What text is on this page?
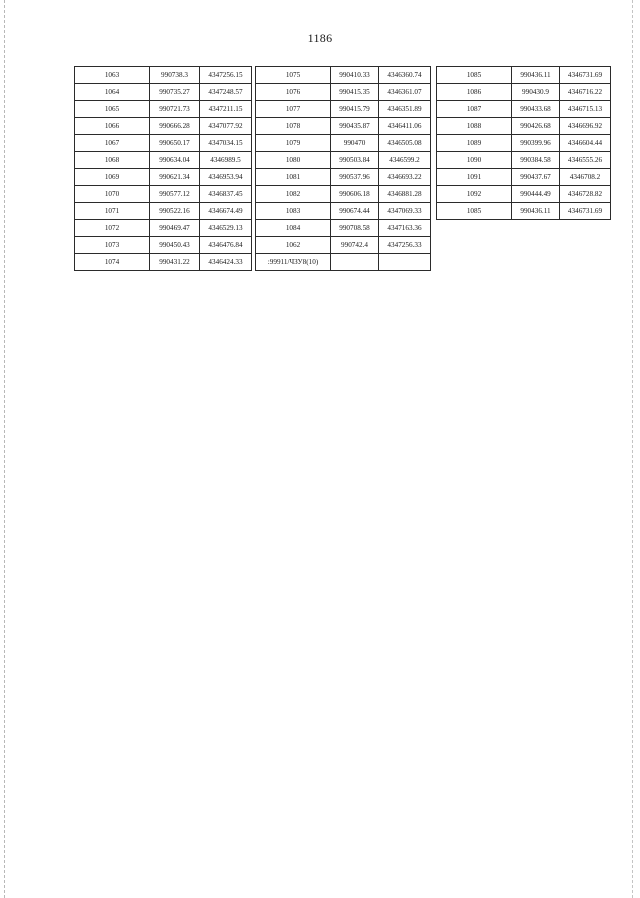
1186
1063	990738.3	4347256.15
1064	990735.27	4347248.57
1065	990721.73	4347211.15
1066	990666.28	4347077.92
1067	990650.17	4347034.15
1068	990634.04	4346989.5
1069	990621.34	4346953.94
1070	990577.12	4346837.45
1071	990522.16	4346674.49
1072	990469.47	4346529.13
1073	990450.43	4346476.84
1074	990431.22	4346424.33
1075	990410.33	4346360.74
1076	990415.35	4346361.07
1077	990415.79	4346351.89
1078	990435.87	4346411.06
1079	990470	4346505.08
1080	990503.84	4346599.2
1081	990537.96	4346693.22
1082	990606.18	4346881.28
1083	990674.44	4347069.33
1084	990708.58	4347163.36
1062	990742.4	4347256.33
:99911/ЧЗУ8(10)		
1085	990436.11	4346731.69
1086	990430.9	4346716.22
1087	990433.68	4346715.13
1088	990426.68	4346696.92
1089	990399.96	4346604.44
1090	990384.58	4346555.26
1091	990437.67	4346708.2
1092	990444.49	4346728.82
1085	990436.11	4346731.69
